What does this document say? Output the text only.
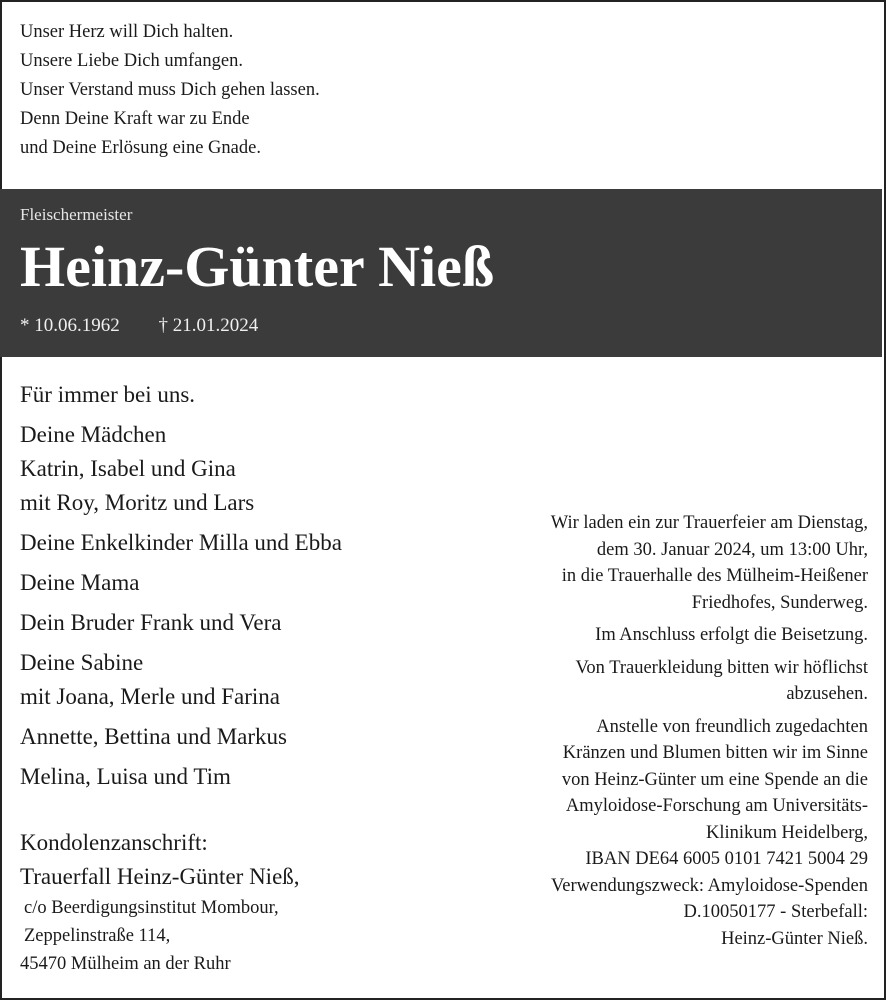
Unser Herz will Dich halten.
Unsere Liebe Dich umfangen.
Unser Verstand muss Dich gehen lassen.
Denn Deine Kraft war zu Ende
und Deine Erlösung eine Gnade.
Fleischermeister
Heinz-Günter Nieß
* 10.06.1962 † 21.01.2024
Für immer bei uns.
Deine Mädchen
Katrin, Isabel und Gina
mit Roy, Moritz und Lars
Deine Enkelkinder Milla und Ebba
Deine Mama
Dein Bruder Frank und Vera
Deine Sabine
mit Joana, Merle und Farina
Annette, Bettina und Markus
Melina, Luisa und Tim
Kondolenzanschrift:
Trauerfall Heinz-Günter Nieß,
c/o Beerdigungsinstitut Mombour,
Zeppelinstraße 114,
45470 Mülheim an der Ruhr
Wir laden ein zur Trauerfeier am Dienstag,
dem 30. Januar 2024, um 13:00 Uhr,
in die Trauerhalle des Mülheim-Heißener
Friedhofes, Sunderweg.
Im Anschluss erfolgt die Beisetzung.
Von Trauerkleidung bitten wir höflichst
abzusehen.
Anstelle von freundlich zugedachten
Kränzen und Blumen bitten wir im Sinne
von Heinz-Günter um eine Spende an die
Amyloidose-Forschung am Universitäts-
Klinikum Heidelberg,
IBAN DE64 6005 0101 7421 5004 29
Verwendungszweck: Amyloidose-Spenden
D.10050177 - Sterbefall:
Heinz-Günter Nieß.
